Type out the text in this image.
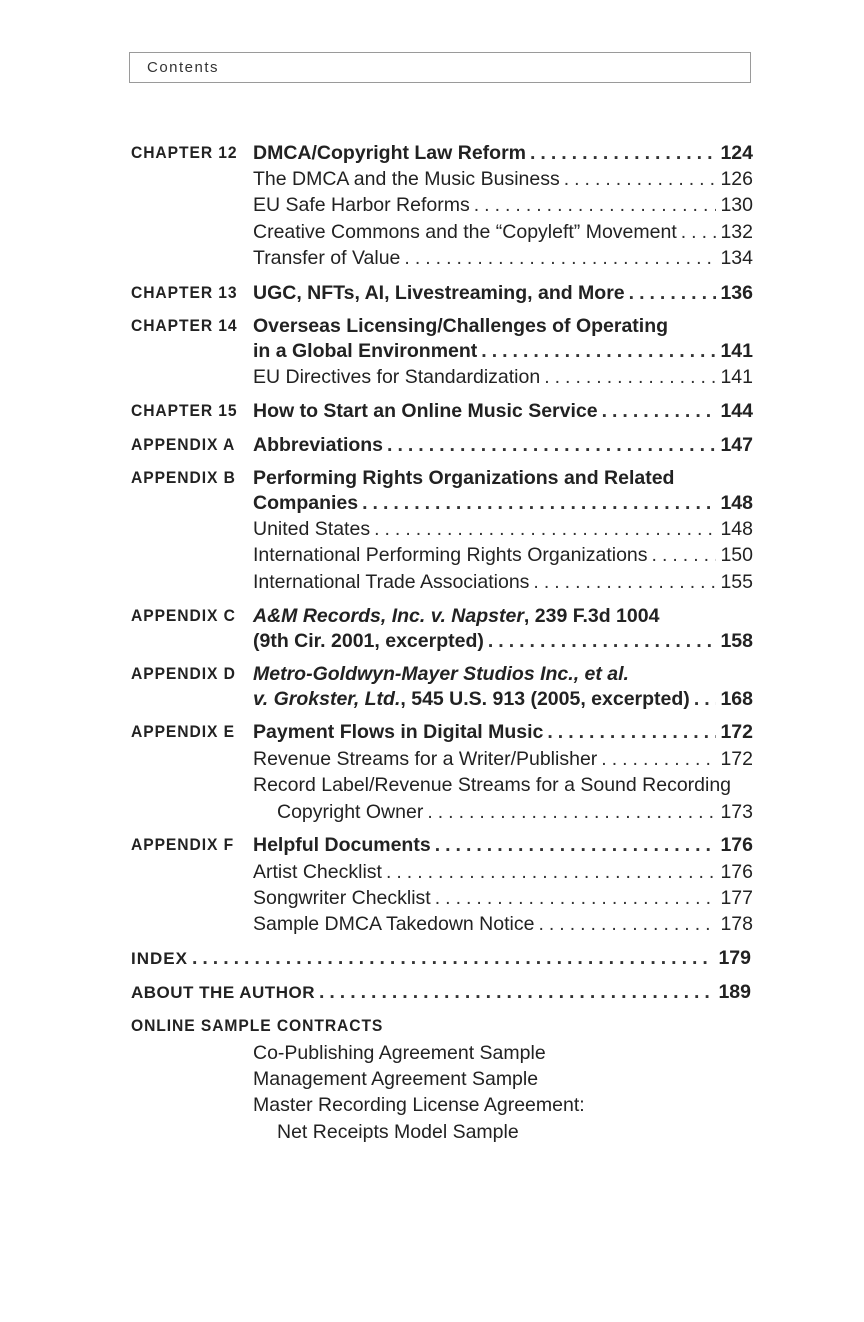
Contents
CHAPTER 12 DMCA/Copyright Law Reform .....	124
The DMCA and the Music Business .....	126
EU Safe Harbor Reforms .....	130
Creative Commons and the “Copyleft” Movement ..... 132
Transfer of Value .....	134
CHAPTER 13 UGC, NFTs, AI, Livestreaming, and More .....	136
CHAPTER 14 Overseas Licensing/Challenges of Operating
in a Global Environment .....	141
EU Directives for Standardization .....	141
CHAPTER 15 How to Start an Online Music Service .....	144
APPENDIX A Abbreviations .....	147
APPENDIX B Performing Rights Organizations and Related
Companies .....	148
United States .....	148
International Performing Rights Organizations .....	150
International Trade Associations .....	155
APPENDIX C A&M Records, Inc. v. Napster, 239 F.3d 1004
(9th Cir. 2001, excerpted) .....	158
APPENDIX D Metro-Goldwyn-Mayer Studios Inc., et al.
v. Grokster, Ltd., 545 U.S. 913 (2005, excerpted) ..... 168
APPENDIX E Payment Flows in Digital Music .....	172
Revenue Streams for a Writer/Publisher .....	172
Record Label/Revenue Streams for a Sound Recording
Copyright Owner .....	173
APPENDIX F Helpful Documents .....	176
Artist Checklist .....	176
Songwriter Checklist .....	177
Sample DMCA Takedown Notice .....	178
INDEX .....	179
ABOUT THE AUTHOR .....	189
ONLINE SAMPLE CONTRACTS
Co-Publishing Agreement Sample
Management Agreement Sample
Master Recording License Agreement:
Net Receipts Model Sample
